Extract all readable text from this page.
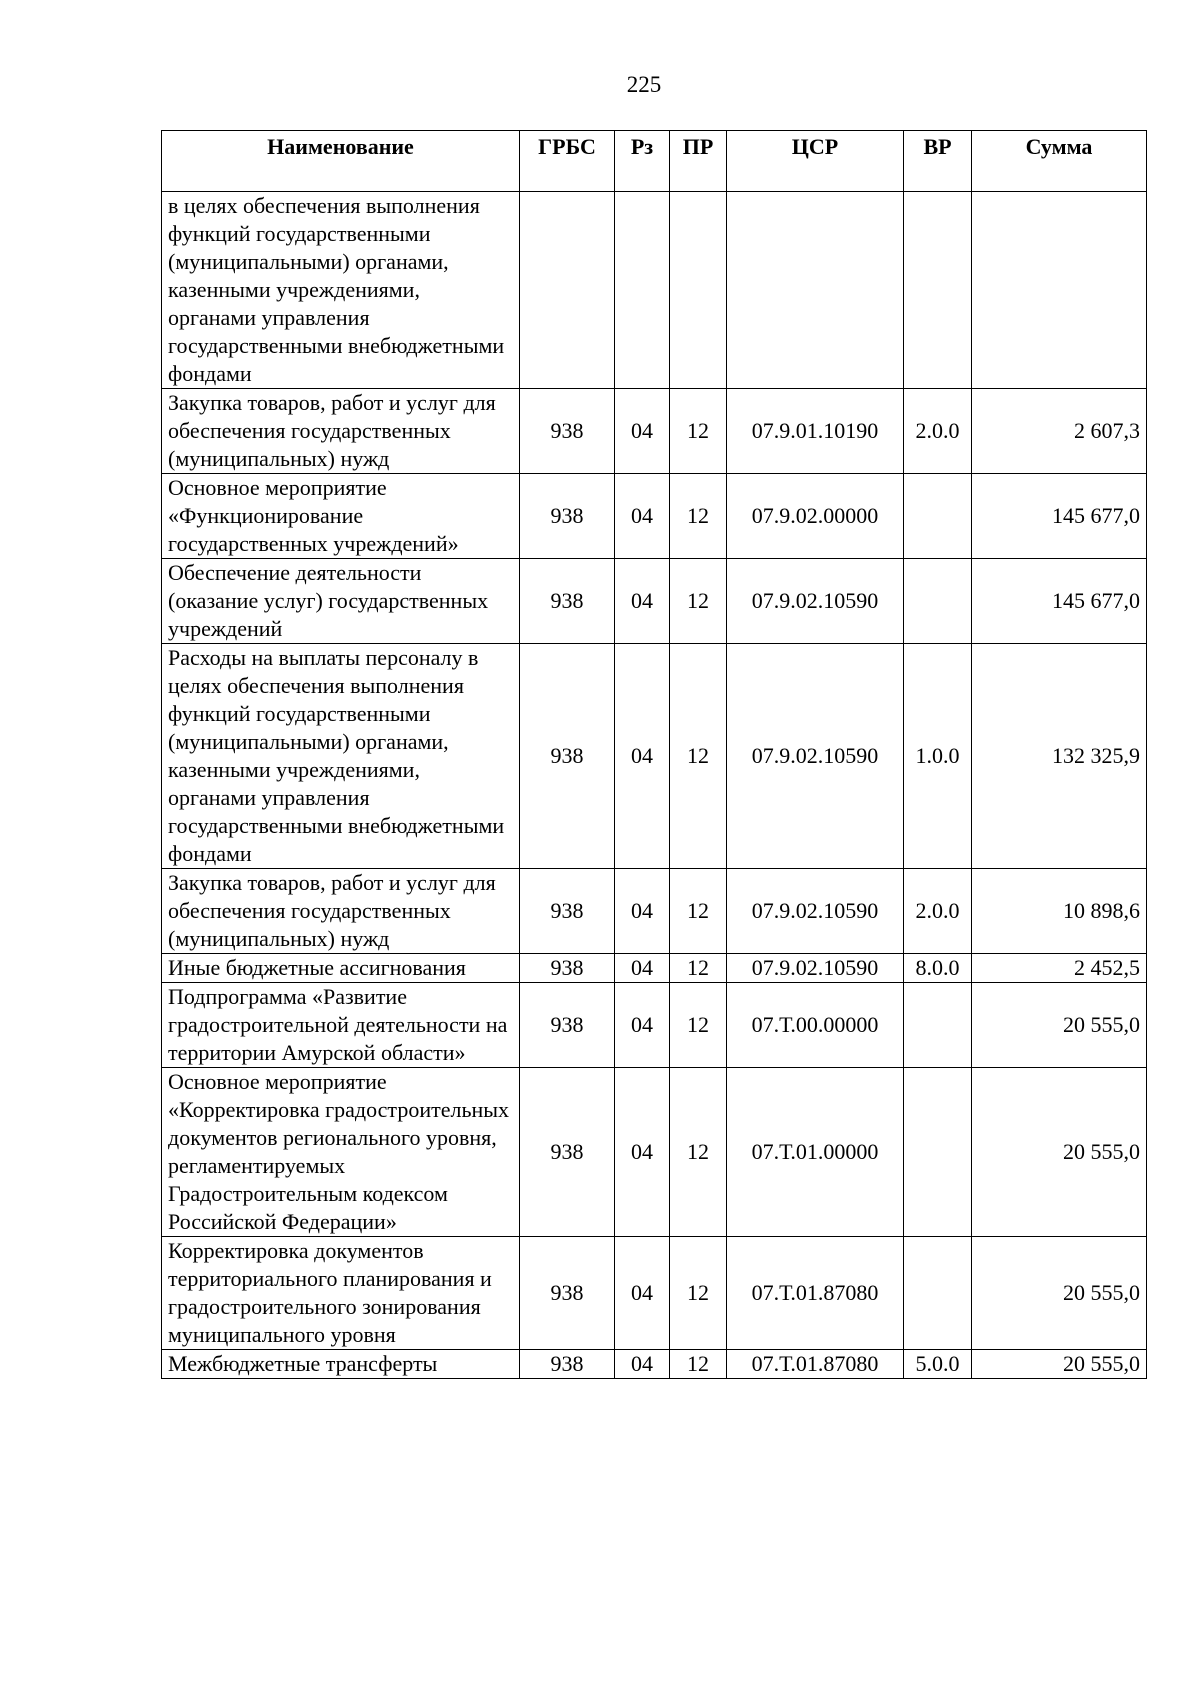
225
Наименование	ГРБС	Рз	ПР	ЦСР	ВР	Сумма
в целях обеспечения выполнения функций государственными (муниципальными) органами, казенными учреждениями, органами управления государственными внебюджетными фондами						
Закупка товаров, работ и услуг для обеспечения государственных (муниципальных) нужд	938	04	12	07.9.01.10190	2.0.0	2 607,3
Основное мероприятие «Функционирование государственных учреждений»	938	04	12	07.9.02.00000		145 677,0
Обеспечение деятельности (оказание услуг) государственных учреждений	938	04	12	07.9.02.10590		145 677,0
Расходы на выплаты персоналу в целях обеспечения выполнения функций государственными (муниципальными) органами, казенными учреждениями, органами управления государственными внебюджетными фондами	938	04	12	07.9.02.10590	1.0.0	132 325,9
Закупка товаров, работ и услуг для обеспечения государственных (муниципальных) нужд	938	04	12	07.9.02.10590	2.0.0	10 898,6
Иные бюджетные ассигнования	938	04	12	07.9.02.10590	8.0.0	2 452,5
Подпрограмма «Развитие градостроительной деятельности на территории Амурской области»	938	04	12	07.Т.00.00000		20 555,0
Основное мероприятие «Корректировка градостроительных документов регионального уровня, регламентируемых Градостроительным кодексом Российской Федерации»	938	04	12	07.Т.01.00000		20 555,0
Корректировка документов территориального планирования и градостроительного зонирования муниципального уровня	938	04	12	07.Т.01.87080		20 555,0
Межбюджетные трансферты	938	04	12	07.Т.01.87080	5.0.0	20 555,0
